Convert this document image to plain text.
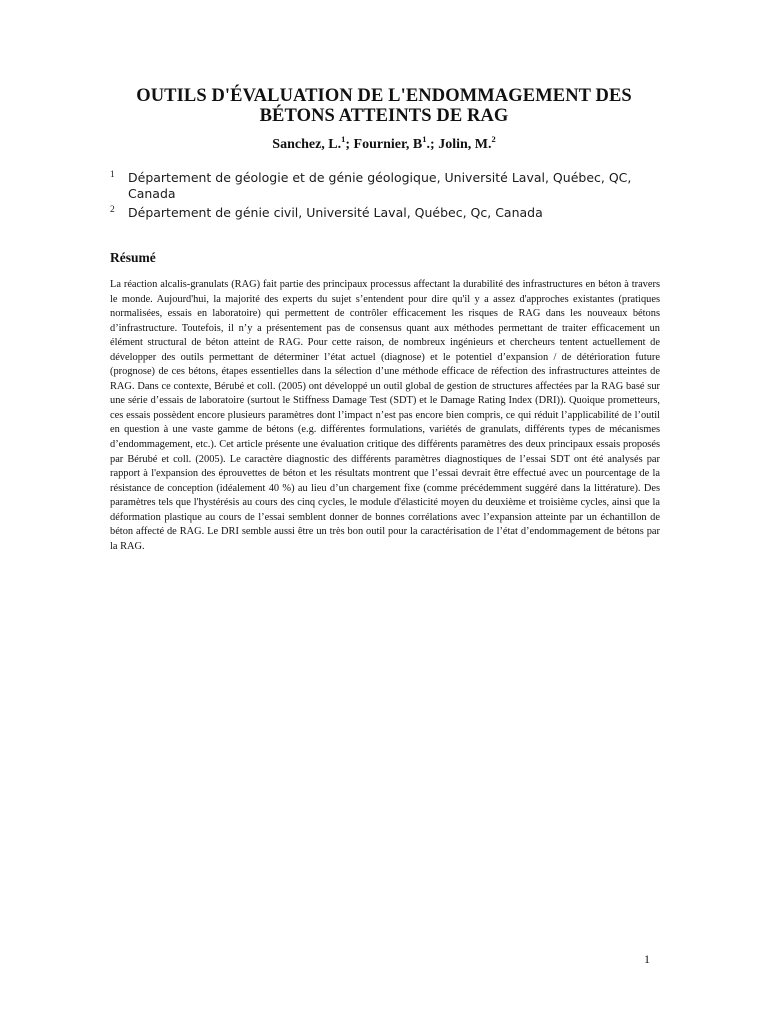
OUTILS D'ÉVALUATION DE L'ENDOMMAGEMENT DES BÉTONS ATTEINTS DE RAG
Sanchez, L.$^1$; Fournier, $B^1$.; Jolin, M.$^2$
1 Département de géologie et de génie géologique, Université Laval, Québec, QC, Canada
2 Département de génie civil, Université Laval, Québec, Qc, Canada
Résumé

La réaction alcalis-granulats (RAG) fait partie des principaux processus affectant la durabilité des infrastructures en béton à travers le monde. Aujourd'hui, la majorité des experts du sujet s’entendent pour dire qu'il y a assez d'approches existantes (pratiques normalisées, essais en laboratoire) qui permettent de contrôler efficacement les risques de RAG dans les nouveaux bétons d’infrastructure. Toutefois, il n’y a présentement pas de consensus quant aux méthodes permettant de traiter efficacement un élément structural de béton atteint de RAG. Pour cette raison, de nombreux ingénieurs et chercheurs tentent actuellement de développer des outils permettant de déterminer l’état actuel (diagnose) et le potentiel d’expansion / de détérioration future (prognose) de ces bétons, étapes essentielles dans la sélection d’une méthode efficace de réfection des infrastructures atteintes de RAG. Dans ce contexte, Bérubé et coll. (2005) ont développé un outil global de gestion de structures affectées par la RAG basé sur une série d’essais de laboratoire (surtout le Stiffness Damage Test (SDT) et le Damage Rating Index (DRI)). Quoique prometteurs, ces essais possèdent encore plusieurs paramètres dont l’impact n’est pas encore bien compris, ce qui réduit l’applicabilité de l’outil en question à une vaste gamme de bétons (e.g. différentes formulations, variétés de granulats, différents types de mécanismes d’endommagement, etc.). Cet article présente une évaluation critique des différents paramètres des deux principaux essais proposés par Bérubé et coll. (2005). Le caractère diagnostic des différents paramètres diagnostiques de l’essai SDT ont été analysés par rapport à l'expansion des éprouvettes de béton et les résultats montrent que l’essai devrait être effectué avec un pourcentage de la résistance de conception (idéalement 40 %) au lieu d’un chargement fixe (comme précédemment suggéré dans la littérature). Des paramètres tels que l'hystérésis au cours des cinq cycles, le module d'élasticité moyen du deuxième et troisième cycles, ainsi que la déformation plastique au cours de l’essai semblent donner de bonnes corrélations avec l’expansion atteinte par un échantillon de béton affecté de RAG. Le DRI semble aussi être un très bon outil pour la caractérisation de l’état d’endommagement de bétons par la RAG.

1
